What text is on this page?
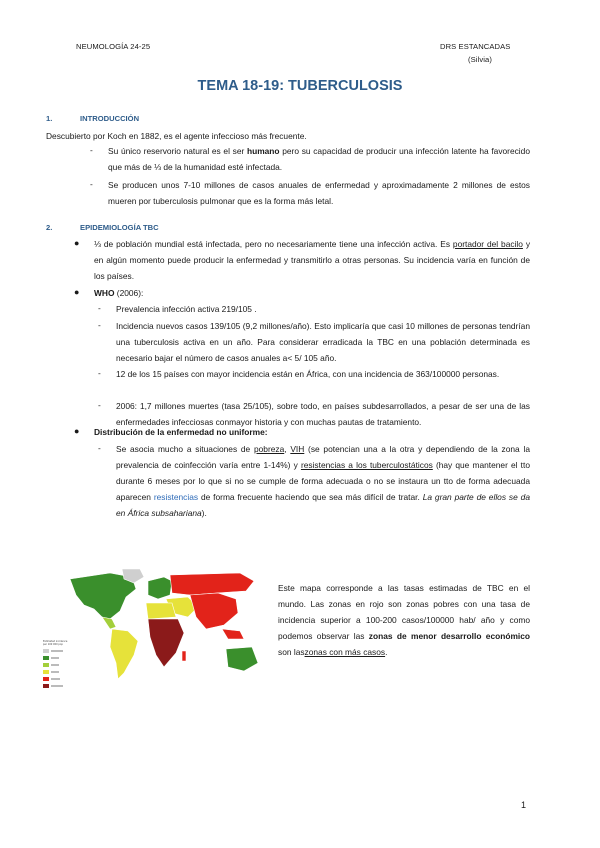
NEUMOLOGÍA 24-25	DRS ESTANCADAS
(Silvia)
TEMA 18-19: TUBERCULOSIS
1.	INTRODUCCIÓN
Descubierto por Koch en 1882, es el agente infeccioso más frecuente.
- Su único reservorio natural es el ser humano pero su capacidad de producir una infección latente ha favorecido que más de ⅓ de la humanidad esté infectada.
- Se producen unos 7-10 millones de casos anuales de enfermedad y aproximadamente 2 millones de estos mueren por tuberculosis pulmonar que es la forma más letal.
2.	EPIDEMIOLOGÍA TBC
● ⅓ de población mundial está infectada, pero no necesariamente tiene una infección activa. Es portador del bacilo y en algún momento puede producir la enfermedad y transmitirlo a otras personas. Su incidencia varía en función de los países.
● WHO (2006):
- Prevalencia infección activa 219/105 .
- Incidencia nuevos casos 139/105 (9,2 millones/año). Esto implicaría que casi 10 millones de personas tendrían una tuberculosis activa en un año. Para considerar erradicada la TBC en una población determinada es necesario bajar el número de casos anuales a< 5/ 105 año.
- 12 de los 15 países con mayor incidencia están en África, con una incidencia de 363/100000 personas.
- 2006: 1,7 millones muertes (tasa 25/105), sobre todo, en países subdesarrollados, a pesar de ser una de las enfermedades infecciosas conmayor historia y con muchas pautas de tratamiento.
● Distribución de la enfermedad no uniforme:
- Se asocia mucho a situaciones de pobreza, VIH (se potencian una a la otra y dependiendo de la zona la prevalencia de coinfección varía entre 1-14%) y resistencias a los tuberculostáticos (hay que mantener el tto durante 6 meses por lo que si no se cumple de forma adecuada o no se instaura un tto de forma adecuada aparecen resistencias de forma frecuente haciendo que sea más difícil de tratar. La gran parte de ellos se da en África subsahariana).
Estimated incidence
per 100 000 pop
Este mapa corresponde a las tasas estimadas de TBC en el mundo. Las zonas en rojo son zonas pobres con una tasa de incidencia superior a 100-200 casos/100000 hab/ año y como podemos observar las zonas de menor desarrollo económico son laszonas con más casos.
1
